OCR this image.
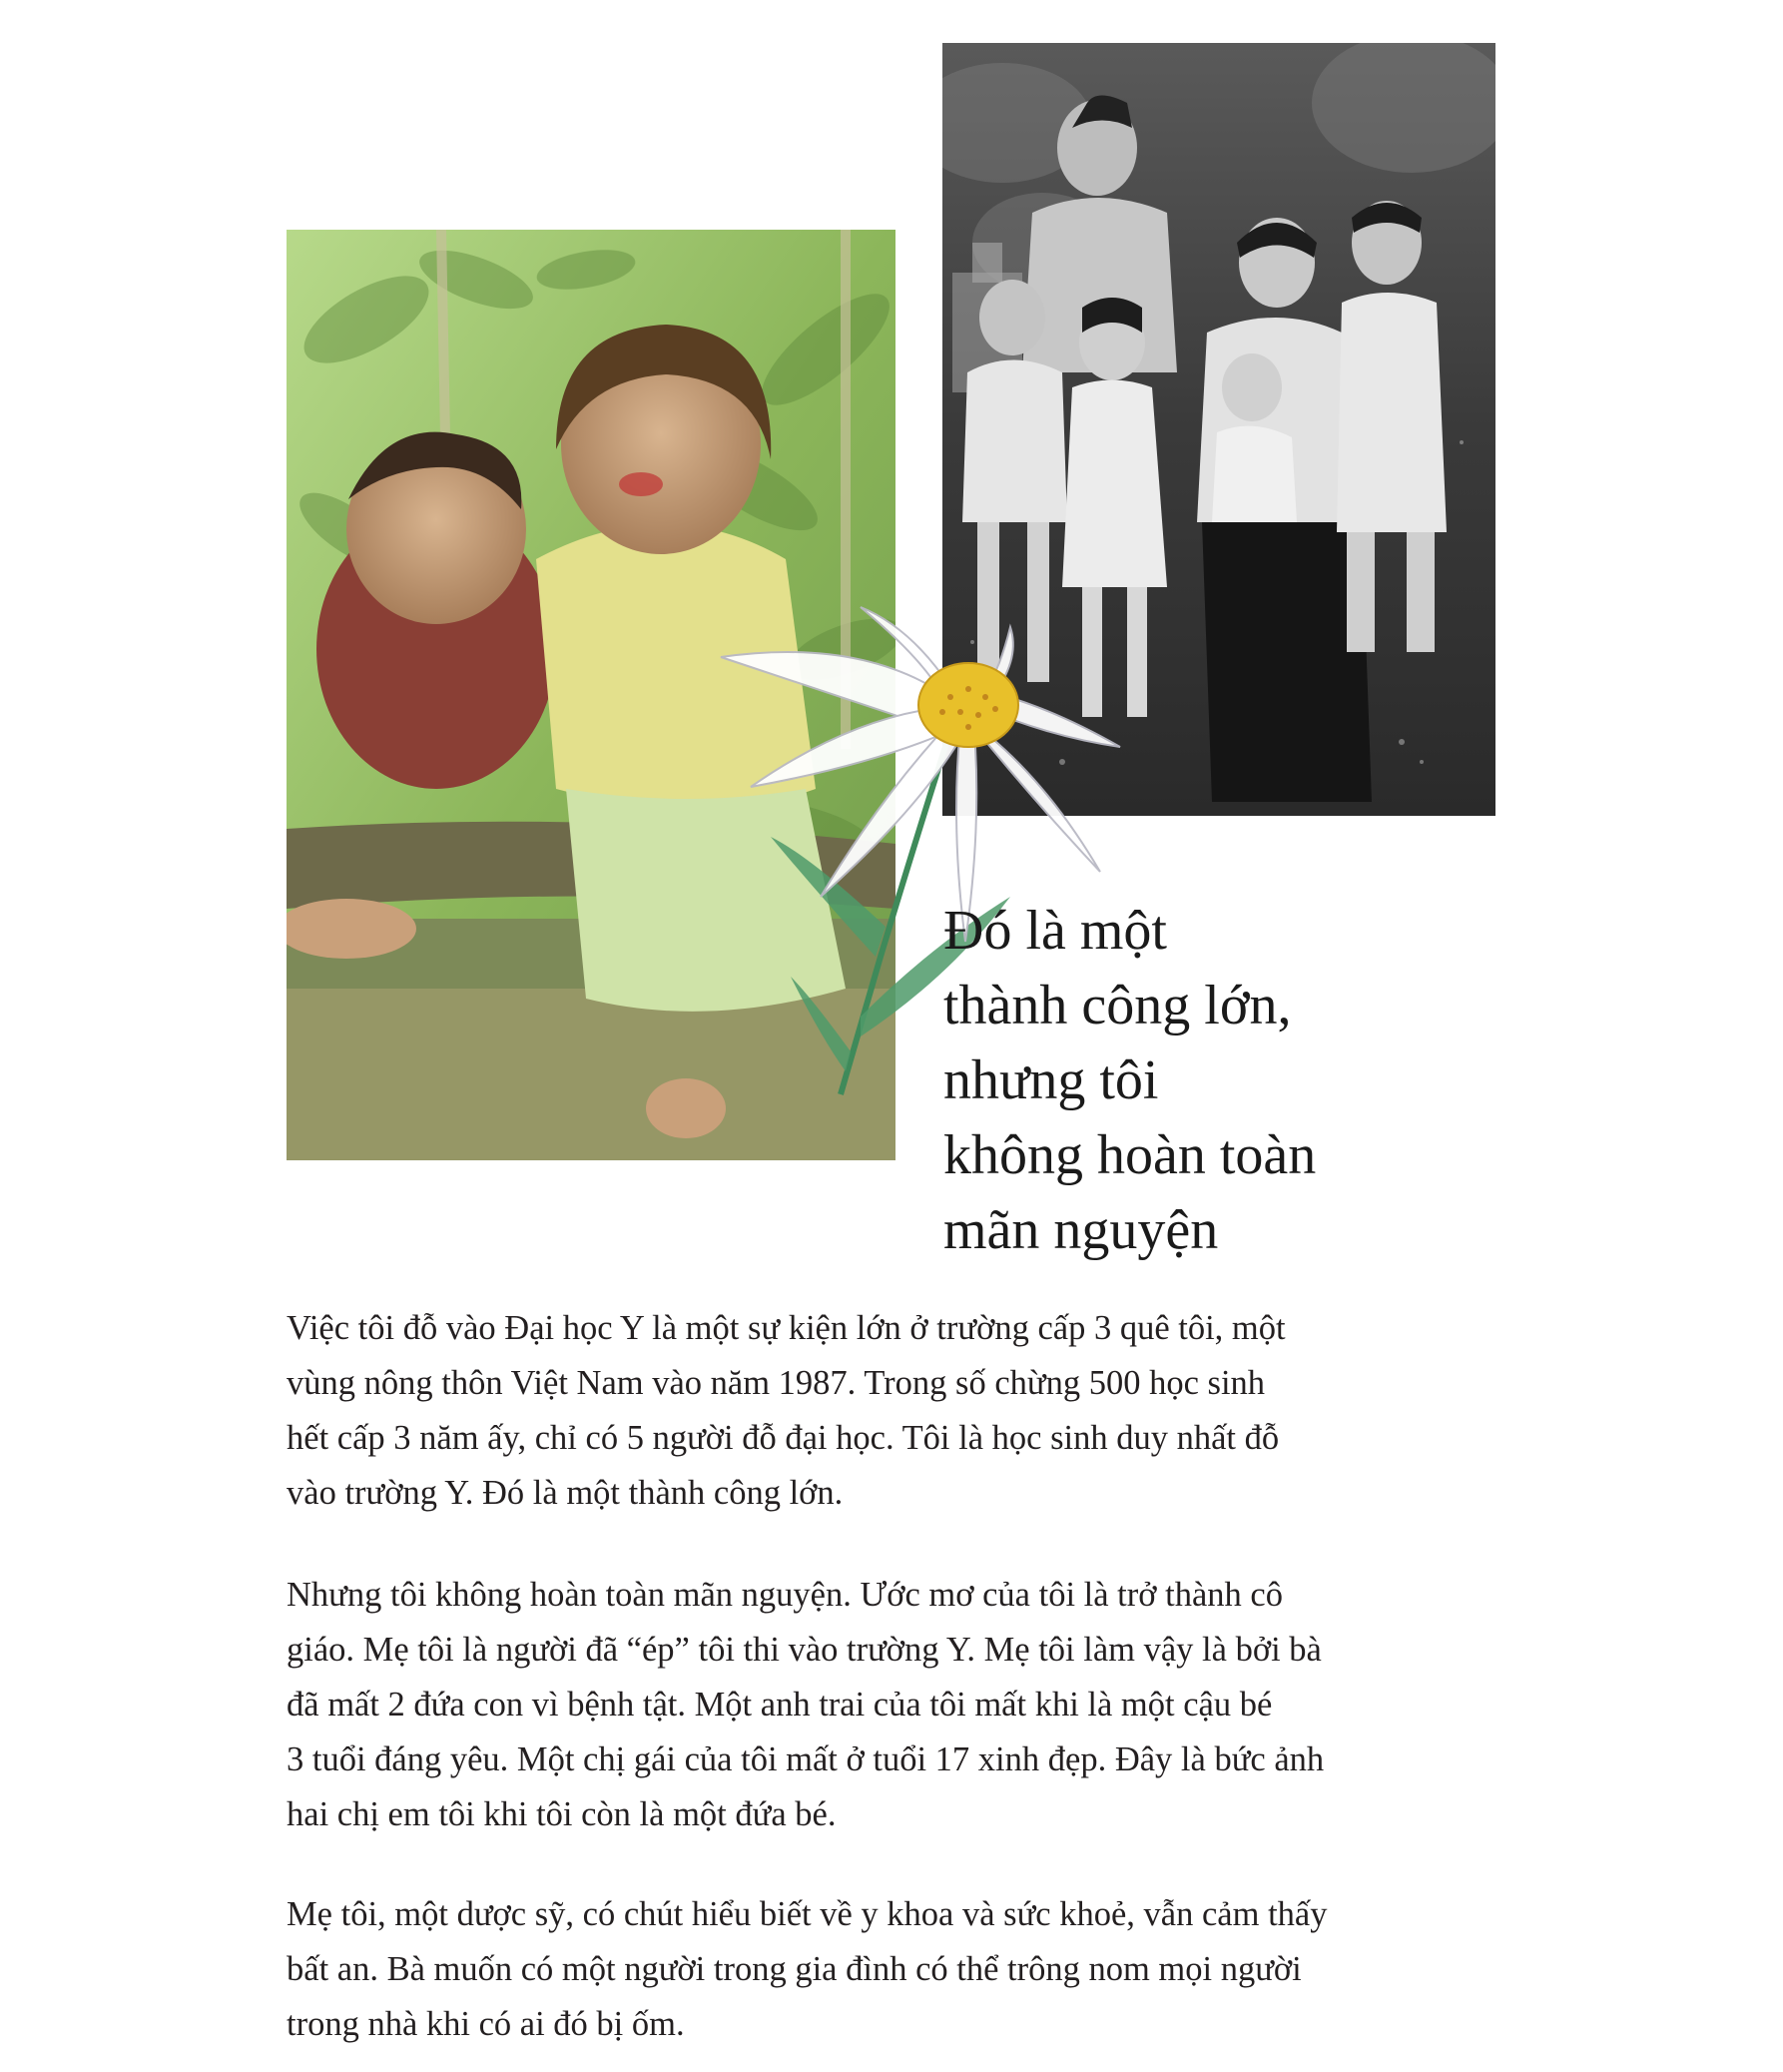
Đó là một
thành công lớn,
nhưng tôi
không hoàn toàn
mãn nguyện

Việc tôi đỗ vào Đại học Y là một sự kiện lớn ở trường cấp 3 quê tôi, một
vùng nông thôn Việt Nam vào năm 1987. Trong số chừng 500 học sinh
hết cấp 3 năm ấy, chỉ có 5 người đỗ đại học. Tôi là học sinh duy nhất đỗ
vào trường Y. Đó là một thành công lớn.

Nhưng tôi không hoàn toàn mãn nguyện. Ước mơ của tôi là trở thành cô
giáo. Mẹ tôi là người đã “ép” tôi thi vào trường Y. Mẹ tôi làm vậy là bởi bà
đã mất 2 đứa con vì bệnh tật. Một anh trai của tôi mất khi là một cậu bé
3 tuổi đáng yêu. Một chị gái của tôi mất ở tuổi 17 xinh đẹp. Đây là bức ảnh
hai chị em tôi khi tôi còn là một đứa bé.

Mẹ tôi, một dược sỹ, có chút hiểu biết về y khoa và sức khoẻ, vẫn cảm thấy
bất an. Bà muốn có một người trong gia đình có thể trông nom mọi người
trong nhà khi có ai đó bị ốm.
